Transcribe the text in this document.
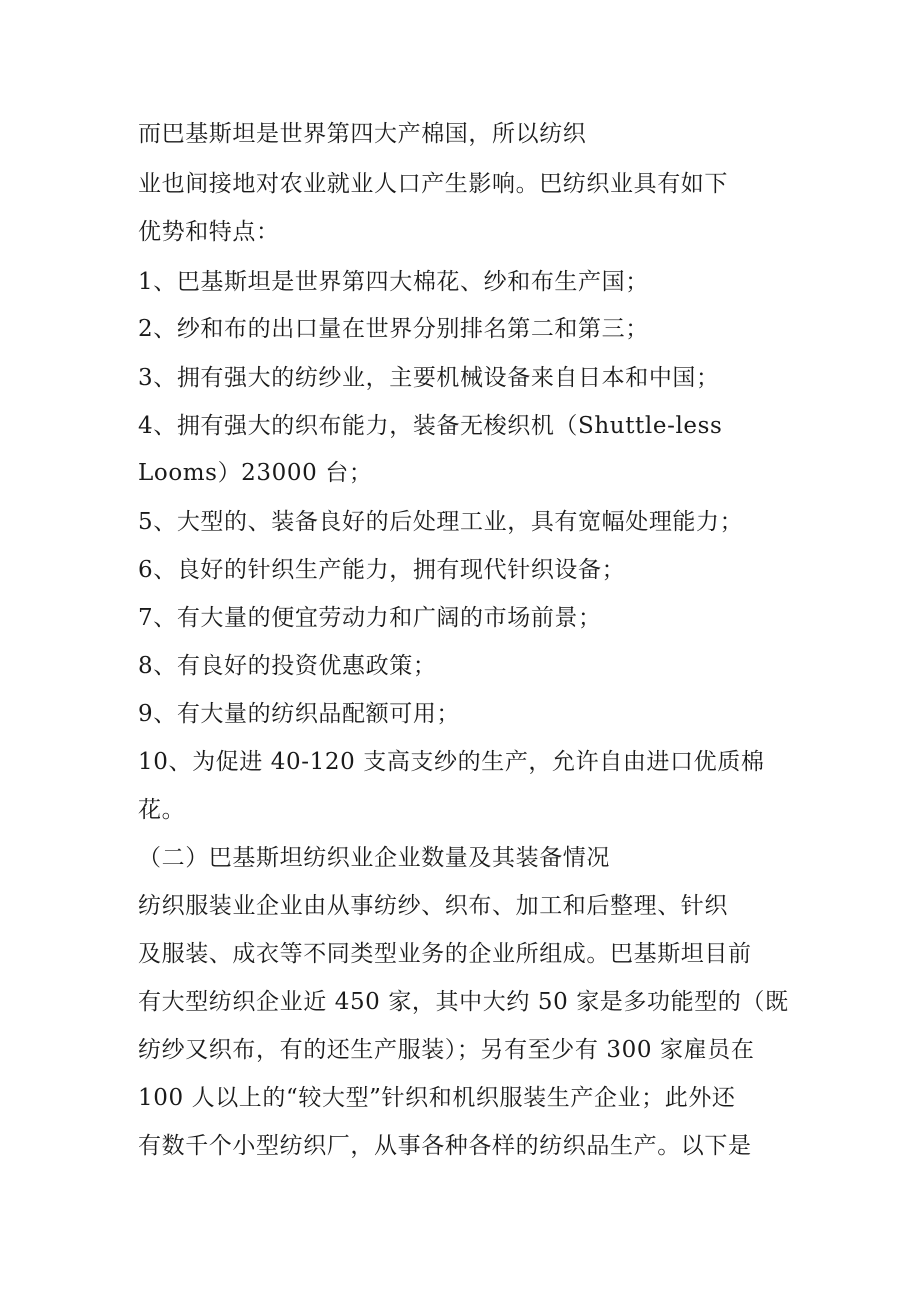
而巴基斯坦是世界第四大产棉国，所以纺织
业也间接地对农业就业人口产生影响。巴纺织业具有如下
优势和特点：
1、巴基斯坦是世界第四大棉花、纱和布生产国；
2、纱和布的出口量在世界分别排名第二和第三；
3、拥有强大的纺纱业，主要机械设备来自日本和中国；
4、拥有强大的织布能力，装备无梭织机（Shuttle-less
Looms）23000 台；
5、大型的、装备良好的后处理工业，具有宽幅处理能力；
6、良好的针织生产能力，拥有现代针织设备；
7、有大量的便宜劳动力和广阔的市场前景；
8、有良好的投资优惠政策；
9、有大量的纺织品配额可用；
10、为促进 40-120 支高支纱的生产，允许自由进口优质棉
花。
（二）巴基斯坦纺织业企业数量及其装备情况
纺织服装业企业由从事纺纱、织布、加工和后整理、针织
及服装、成衣等不同类型业务的企业所组成。巴基斯坦目前
有大型纺织企业近 450 家，其中大约 50 家是多功能型的（既
纺纱又织布，有的还生产服装）；另有至少有 300 家雇员在
100 人以上的“较大型”针织和机织服装生产企业；此外还
有数千个小型纺织厂，从事各种各样的纺织品生产。以下是
